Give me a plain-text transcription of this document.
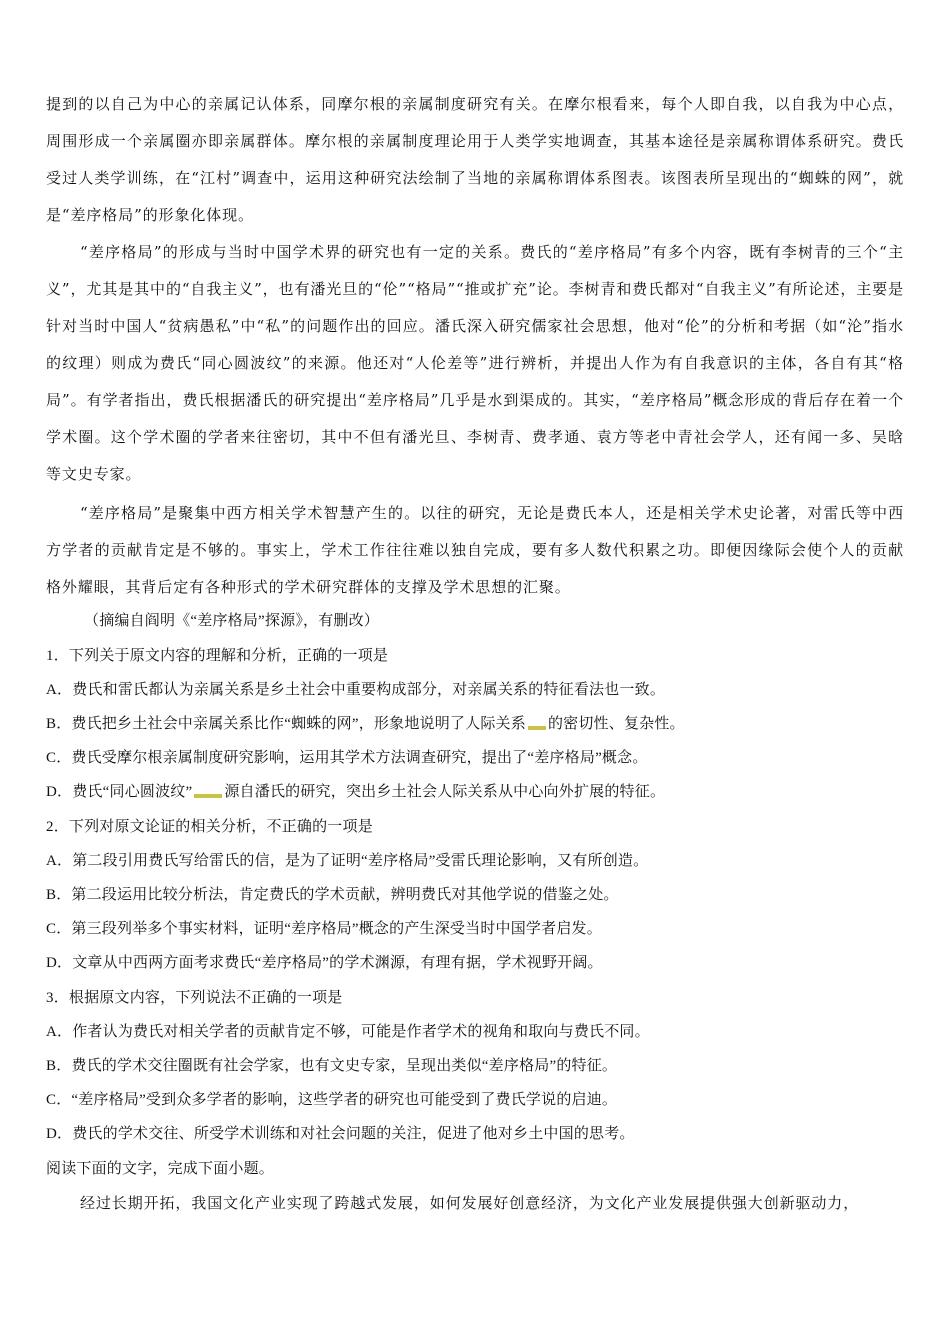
提到的以自己为中心的亲属记认体系，同摩尔根的亲属制度研究有关。在摩尔根看来，每个人即自我，以自我为中心点，周围形成一个亲属圈亦即亲属群体。摩尔根的亲属制度理论用于人类学实地调查，其基本途径是亲属称谓体系研究。费氏受过人类学训练，在“江村”调查中，运用这种研究法绘制了当地的亲属称谓体系图表。该图表所呈现出的“蜘蛛的网”，就是“差序格局”的形象化体现。

“差序格局”的形成与当时中国学术界的研究也有一定的关系。费氏的“差序格局”有多个内容，既有李树青的三个“主义”，尤其是其中的“自我主义”，也有潘光旦的“伦”“格局”“推或扩充”论。李树青和费氏都对“自我主义”有所论述，主要是针对当时中国人“贫病愚私”中“私”的问题作出的回应。潘氏深入研究儒家社会思想，他对“伦”的分析和考据（如“沦”指水的纹理）则成为费氏“同心圆波纹”的来源。他还对“人伦差等”进行辨析，并提出人作为有自我意识的主体，各自有其“格局”。有学者指出，费氏根据潘氏的研究提出“差序格局”几乎是水到渠成的。其实，“差序格局”概念形成的背后存在着一个学术圈。这个学术圈的学者来往密切，其中不但有潘光旦、李树青、费孝通、袁方等老中青社会学人，还有闻一多、吴晗等文史专家。

“差序格局”是聚集中西方相关学术智慧产生的。以往的研究，无论是费氏本人，还是相关学术史论著，对雷氏等中西方学者的贡献肯定是不够的。事实上，学术工作往往难以独自完成，要有多人数代积累之功。即便因缘际会使个人的贡献格外耀眼，其背后定有各种形式的学术研究群体的支撑及学术思想的汇聚。

（摘编自阎明《“差序格局”探源》，有删改）

1．下列关于原文内容的理解和分析，正确的一项是

A．费氏和雷氏都认为亲属关系是乡土社会中重要构成部分，对亲属关系的特征看法也一致。

B．费氏把乡土社会中亲属关系比作“蜘蛛的网”，形象地说明了人际关系 的密切性、复杂性。

C．费氏受摩尔根亲属制度研究影响，运用其学术方法调查研究，提出了“差序格局”概念。

D．费氏“同心圆波纹” 源自潘氏的研究，突出乡土社会人际关系从中心向外扩展的特征。

2．下列对原文论证的相关分析，不正确的一项是

A．第二段引用费氏写给雷氏的信，是为了证明“差序格局”受雷氏理论影响，又有所创造。

B．第二段运用比较分析法，肯定费氏的学术贡献，辨明费氏对其他学说的借鉴之处。

C．第三段列举多个事实材料，证明“差序格局”概念的产生深受当时中国学者启发。

D．文章从中西两方面考求费氏“差序格局”的学术渊源，有理有据，学术视野开阔。

3．根据原文内容，下列说法不正确的一项是

A．作者认为费氏对相关学者的贡献肯定不够，可能是作者学术的视角和取向与费氏不同。

B．费氏的学术交往圈既有社会学家，也有文史专家，呈现出类似“差序格局”的特征。

C．“差序格局”受到众多学者的影响，这些学者的研究也可能受到了费氏学说的启迪。

D．费氏的学术交往、所受学术训练和对社会问题的关注，促进了他对乡土中国的思考。

阅读下面的文字，完成下面小题。

经过长期开拓，我国文化产业实现了跨越式发展，如何发展好创意经济，为文化产业发展提供强大创新驱动力，
